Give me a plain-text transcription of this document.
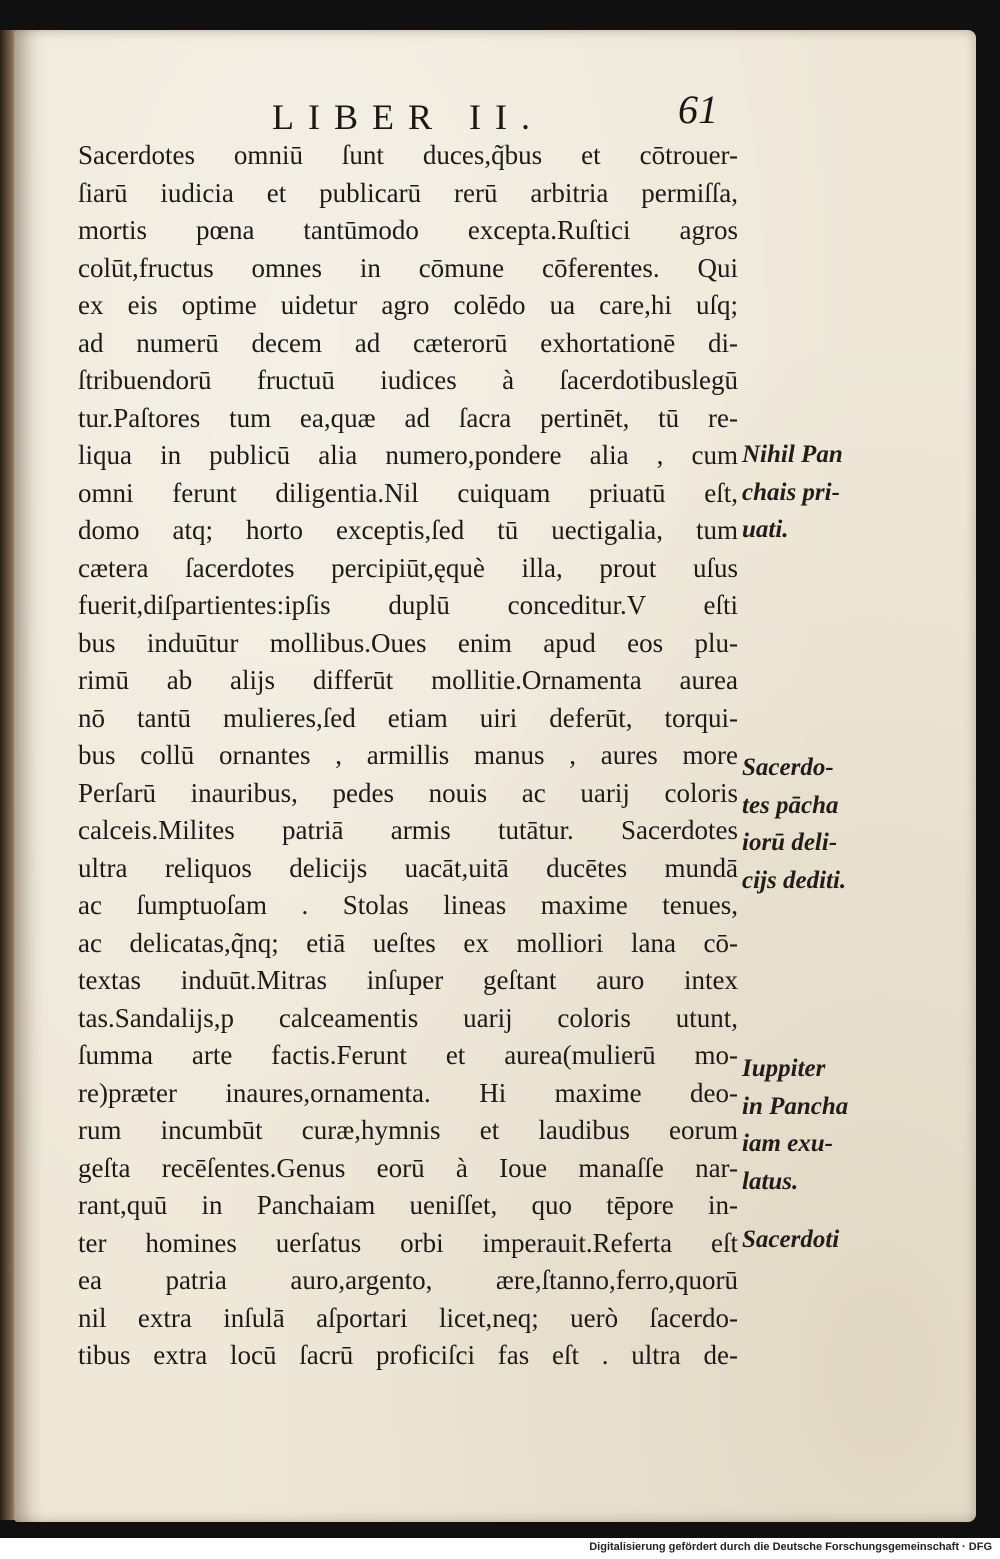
LIBER II.	61
Sacerdotes omniū ſunt duces,q̃bus et cōtrouer-
ſiarū iudicia et publicarū rerū arbitria permiſſa,
mortis pœna tantūmodo excepta.Ruſtici agros
colūt,fructus omnes in cōmune cōferentes. Qui
ex eis optime uidetur agro colēdo ua care,hi uſq;
ad numerū decem ad cæterorū exhortationē di-
ſtribuendorū fructuū iudices à ſacerdotibuslegū
tur.Paſtores tum ea,quæ ad ſacra pertinēt, tū re-
liqua in publicū alia numero,pondere alia , cum
omni ferunt diligentia.Nil cuiquam priuatū eſt,
domo atq; horto exceptis,ſed tū uectigalia, tum
cætera ſacerdotes percipiūt,ęquè illa, prout uſus
fuerit,diſpartientes:ipſis duplū conceditur.V eſti
bus induūtur mollibus.Oues enim apud eos plu-
rimū ab alijs differūt mollitie.Ornamenta aurea
nō tantū mulieres,ſed etiam uiri deferūt, torqui-
bus collū ornantes , armillis manus , aures more
Perſarū inauribus, pedes nouis ac uarij coloris
calceis.Milites patriā armis tutātur. Sacerdotes
ultra reliquos delicijs uacāt,uitā ducētes mundā
ac ſumptuoſam . Stolas lineas maxime tenues,
ac delicatas,q̃nq; etiā ueſtes ex molliori lana cō-
textas induūt.Mitras inſuper geſtant auro intex
tas.Sandalijs,p calceamentis uarij coloris utunt,
ſumma arte factis.Ferunt et aurea(mulierū mo-
re)præter inaures,ornamenta. Hi maxime deo-
rum incumbūt curæ,hymnis et laudibus eorum
geſta recēſentes.Genus eorū à Ioue manaſſe nar-
rant,quū in Panchaiam ueniſſet, quo tēpore in-
ter homines uerſatus orbi imperauit.Referta eſt
ea patria auro,argento, ære,ſtanno,ferro,quorū
nil extra inſulā aſportari licet,neq; uerò ſacerdo-
tibus extra locū ſacrū proficiſci fas eſt . ultra de-
Nihil Pan
chais pri-
uati.
Sacerdo-
tes pācha
iorū deli-
cijs dediti.
Iuppiter
in Pancha
iam exu-
latus.
Sacerdoti
Digitalisierung gefördert durch die Deutsche Forschungsgemeinschaft · DFG
